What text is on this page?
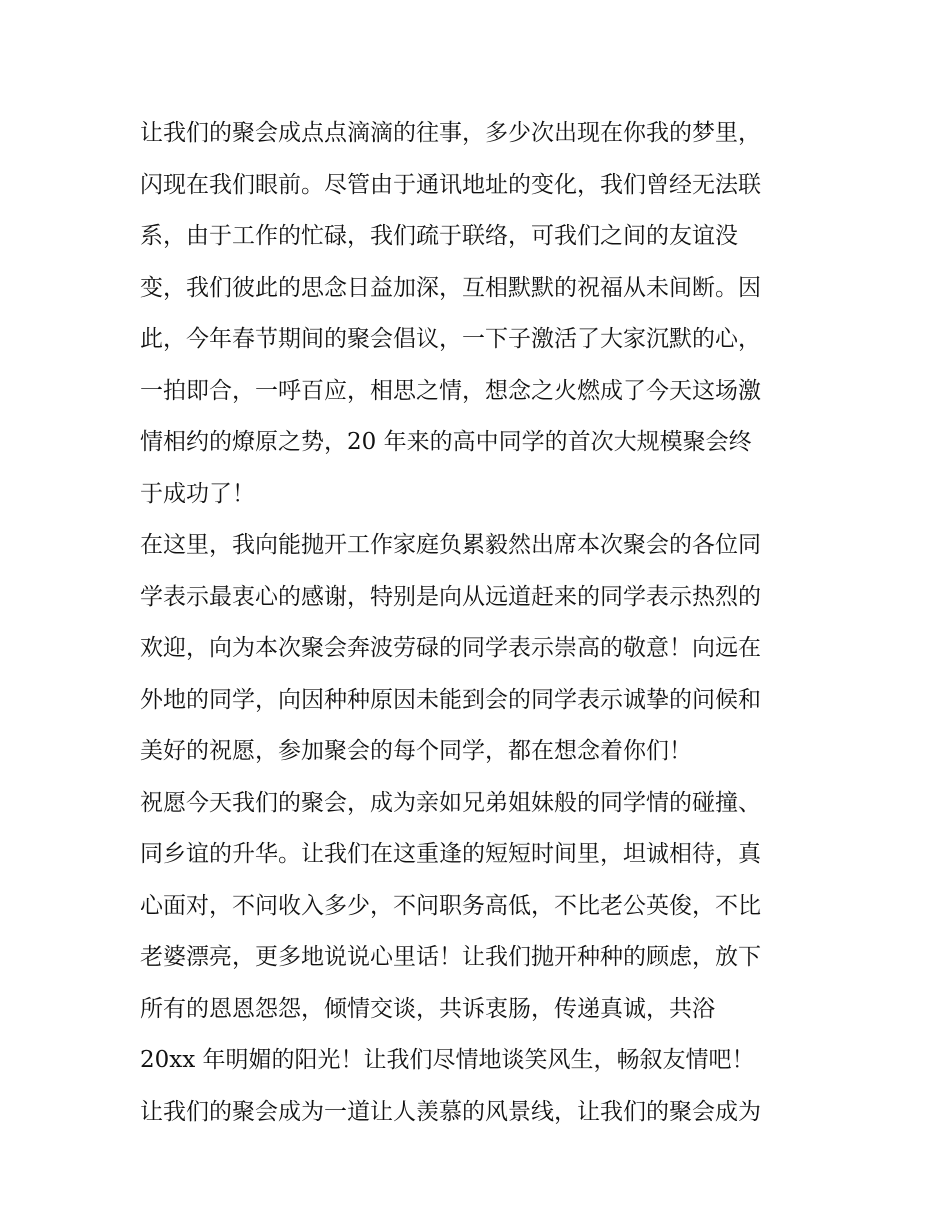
让我们的聚会成点点滴滴的往事，多少次出现在你我的梦里，
闪现在我们眼前。尽管由于通讯地址的变化，我们曾经无法联
系，由于工作的忙碌，我们疏于联络，可我们之间的友谊没
变，我们彼此的思念日益加深，互相默默的祝福从未间断。因
此，今年春节期间的聚会倡议，一下子激活了大家沉默的心，
一拍即合，一呼百应，相思之情，想念之火燃成了今天这场激
情相约的燎原之势，20 年来的高中同学的首次大规模聚会终
于成功了！
在这里，我向能抛开工作家庭负累毅然出席本次聚会的各位同
学表示最衷心的感谢，特别是向从远道赶来的同学表示热烈的
欢迎，向为本次聚会奔波劳碌的同学表示崇高的敬意！向远在
外地的同学，向因种种原因未能到会的同学表示诚挚的问候和
美好的祝愿，参加聚会的每个同学，都在想念着你们！
祝愿今天我们的聚会，成为亲如兄弟姐妹般的同学情的碰撞、
同乡谊的升华。让我们在这重逢的短短时间里，坦诚相待，真
心面对，不问收入多少，不问职务高低，不比老公英俊，不比
老婆漂亮，更多地说说心里话！让我们抛开种种的顾虑，放下
所有的恩恩怨怨，倾情交谈，共诉衷肠，传递真诚，共浴
20xx 年明媚的阳光！让我们尽情地谈笑风生，畅叙友情吧！
让我们的聚会成为一道让人羡慕的风景线，让我们的聚会成为
